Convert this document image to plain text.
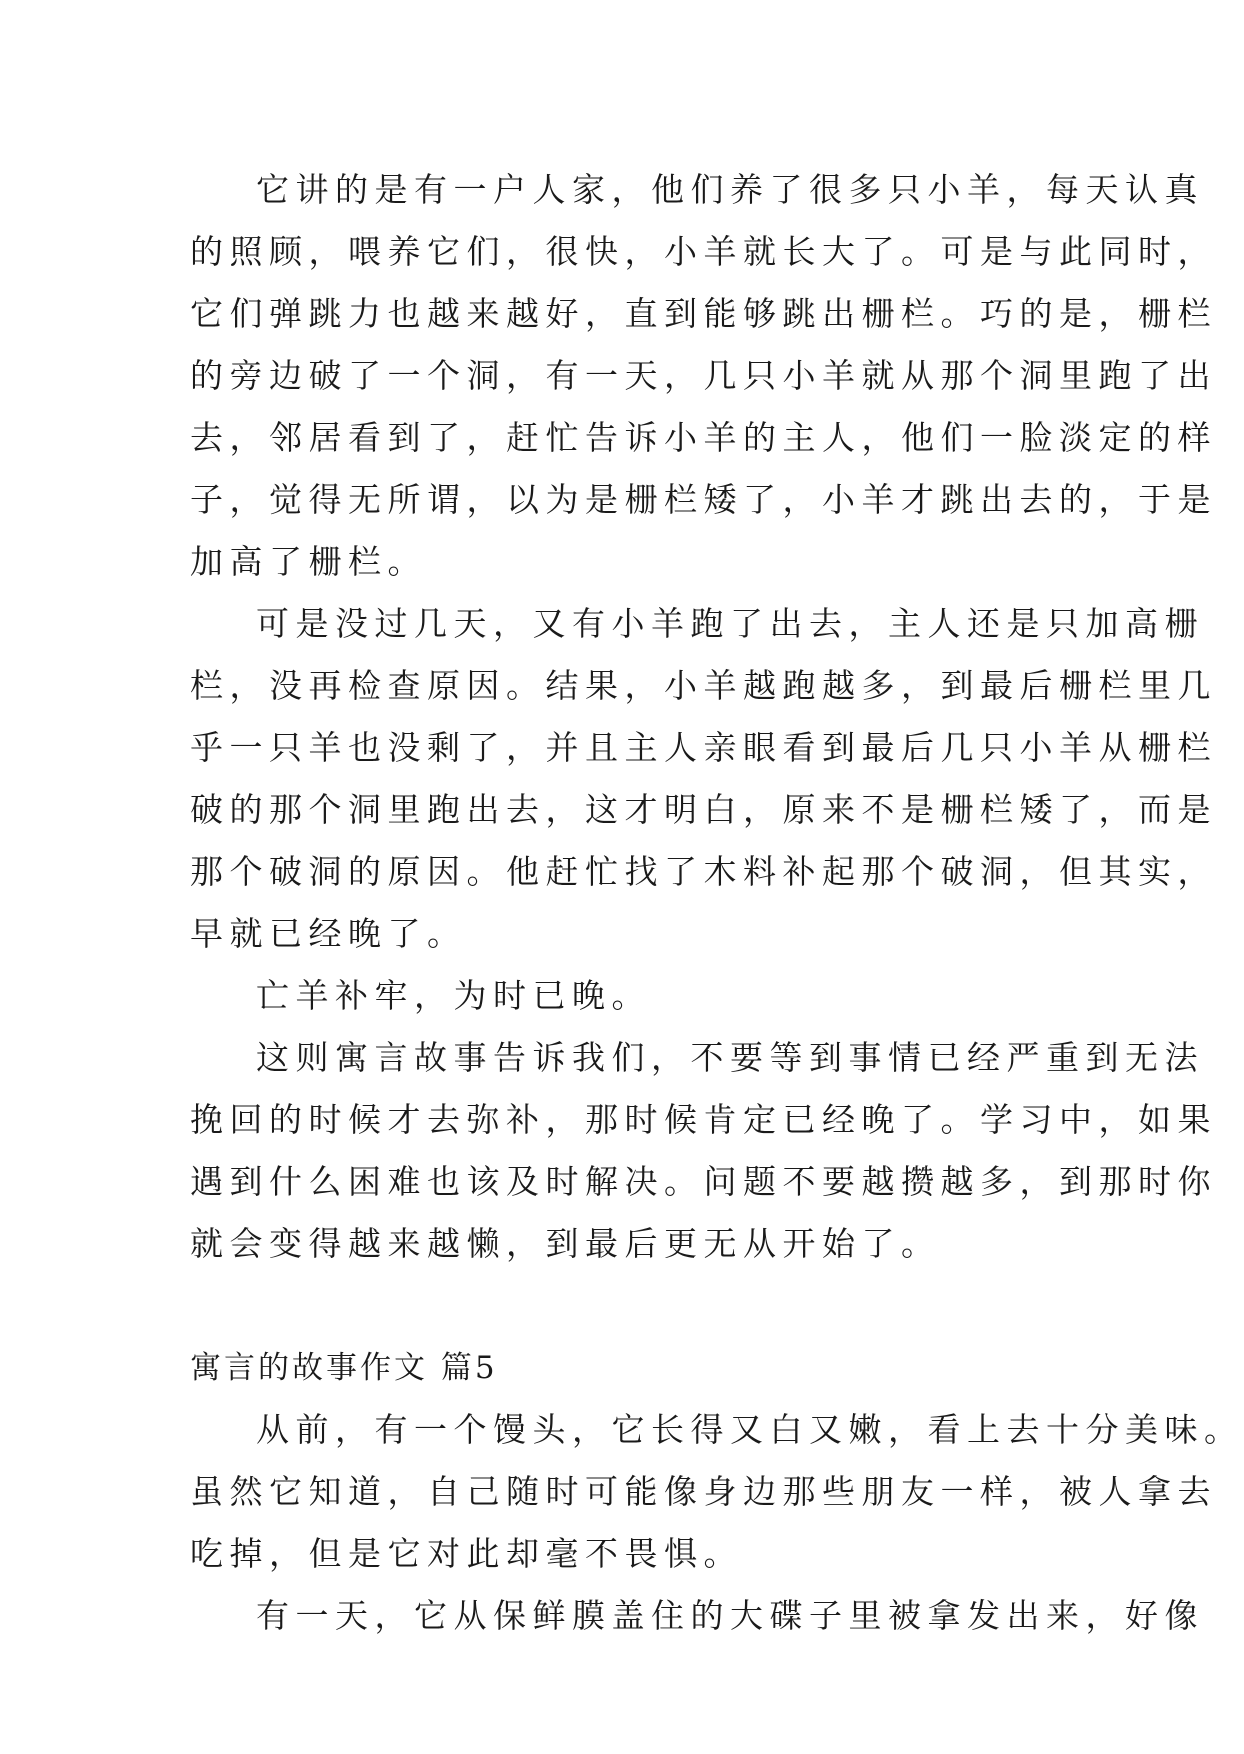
它讲的是有一户人家，他们养了很多只小羊，每天认真
的照顾，喂养它们，很快，小羊就长大了。可是与此同时，
它们弹跳力也越来越好，直到能够跳出栅栏。巧的是，栅栏
的旁边破了一个洞，有一天，几只小羊就从那个洞里跑了出
去，邻居看到了，赶忙告诉小羊的主人，他们一脸淡定的样
子，觉得无所谓，以为是栅栏矮了，小羊才跳出去的，于是
加高了栅栏。
可是没过几天，又有小羊跑了出去，主人还是只加高栅
栏，没再检查原因。结果，小羊越跑越多，到最后栅栏里几
乎一只羊也没剩了，并且主人亲眼看到最后几只小羊从栅栏
破的那个洞里跑出去，这才明白，原来不是栅栏矮了，而是
那个破洞的原因。他赶忙找了木料补起那个破洞，但其实，
早就已经晚了。
亡羊补牢，为时已晚。
这则寓言故事告诉我们，不要等到事情已经严重到无法
挽回的时候才去弥补，那时候肯定已经晚了。学习中，如果
遇到什么困难也该及时解决。问题不要越攒越多，到那时你
就会变得越来越懒，到最后更无从开始了。
寓言的故事作文 篇5
从前，有一个馒头，它长得又白又嫩，看上去十分美味。
虽然它知道，自己随时可能像身边那些朋友一样，被人拿去
吃掉，但是它对此却毫不畏惧。
有一天，它从保鲜膜盖住的大碟子里被拿发出来，好像
